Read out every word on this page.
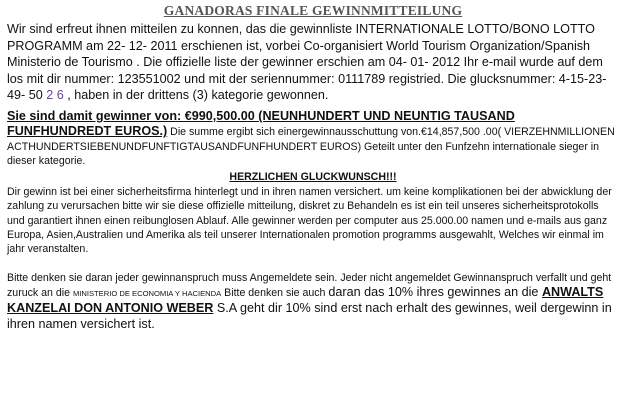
GANADORAS FINALE GEWINNMITTEILUNG

Wir sind erfreut ihnen mitteilen zu konnen, das die gewinnliste INTERNATIONALE LOTTO/BONO LOTTO PROGRAMM am 22- 12- 2011 erschienen ist, vorbei Co-organisiert World Tourism Organization/Spanish Ministerio de Tourismo . Die offizielle liste der gewinner erschien am 04- 01- 2012 Ihr e-mail wurde auf dem los mit dir nummer: 123551002 und mit der seriennummer: 0111789 registried. Die glucksnummer: 4-15-23- 49- 50 2 6 , haben in der drittens (3) kategorie gewonnen.

Sie sind damit gewinner von: €990,500.00 (NEUNHUNDERT UND NEUNTIG TAUSAND FUNFHUNDREDT EUROS.) Die summe ergibt sich einergewinnausschuttung von.€14,857,500 .00( VIERZEHNMILLIONEN ACTHUNDERTSIEBENUNDFUNFTIGTAUSANDFUNFHUNDERT EUROS) Geteilt unter den Funfzehn internationale sieger in dieser kategorie.

HERZLICHEN GLUCKWUNSCH!!!

Dir gewinn ist bei einer sicherheitsfirma hinterlegt und in ihren namen versichert. um keine komplikationen bei der abwicklung der zahlung zu verursachen bitte wir sie diese offizielle mitteilung, diskret zu Behandeln es ist ein teil unseres sicherheitsprotokolls und garantiert ihnen einen reibunglosen Ablauf. Alle gewinner werden per computer aus 25.000.00 namen und e-mails aus ganz Europa, Asien,Australien und Amerika als teil unserer Internationalen promotion programms ausgewahlt, Welches wir einmal im jahr veranstalten.

Bitte denken sie daran jeder gewinnanspruch muss Angemeldete sein. Jeder nicht angemeldet Gewinnanspruch verfallt und geht zuruck an die MINISTERIO DE ECONOMIA Y HACIENDA Bitte denken sie auch daran das 10% ihres gewinnes an die ANWALTS KANZELAI DON ANTONIO WEBER S.A geht dir 10% sind erst nach erhalt des gewinnes, weil dergewinn in ihren namen versichert ist.
